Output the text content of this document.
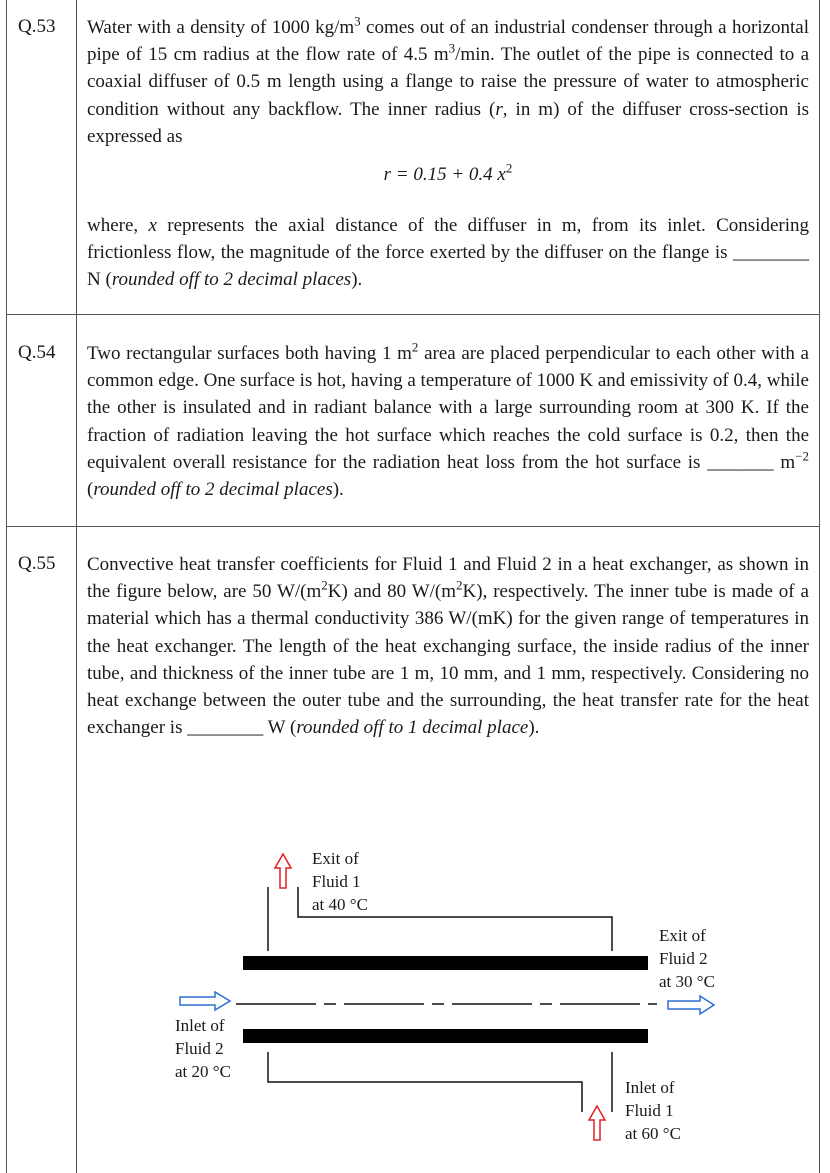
Q.53 Water with a density of 1000 $kg/m^3$ comes out of an industrial condenser through a horizontal pipe of 15 cm radius at the flow rate of 4.5 $m^3/\min$. The outlet of the pipe is connected to a coaxial diffuser of 0.5 m length using a flange to raise the pressure of water to atmospheric condition without any backflow. The inner radius (r, in m) of the diffuser cross-section is expressed as
r = 0.15 + 0.4 $x^2$
where, x represents the axial distance of the diffuser in m, from its inlet. Considering frictionless flow, the magnitude of the force exerted by the diffuser on the flange is ________ N (rounded off to 2 decimal places).
Q.54 Two rectangular surfaces both having 1 $m^2$ area are placed perpendicular to each other with a common edge. One surface is hot, having a temperature of 1000 K and emissivity of 0.4, while the other is insulated and in radiant balance with a large surrounding room at 300 K. If the fraction of radiation leaving the hot surface which reaches the cold surface is 0.2, then the equivalent overall resistance for the radiation heat loss from the hot surface is _______ $m^{-2}$ (rounded off to 2 decimal places).
Q.55 Convective heat transfer coefficients for Fluid 1 and Fluid 2 in a heat exchanger, as shown in the figure below, are 50 $W/(m^2K)$ and 80 $W/(m^2K)$, respectively. The inner tube is made of a material which has a thermal conductivity 386 W/(mK) for the given range of temperatures in the heat exchanger. The length of the heat exchanging surface, the inside radius of the inner tube, and thickness of the inner tube are 1 m, 10 mm, and 1 mm, respectively. Considering no heat exchange between the outer tube and the surrounding, the heat transfer rate for the heat exchanger is ________ W (rounded off to 1 decimal place).
Exit of
Fluid 1
at 40 °C
Exit of
Fluid 2
at 30 °C
Inlet of
Fluid 2
at 20 °C
Inlet of
Fluid 1
at 60 °C
